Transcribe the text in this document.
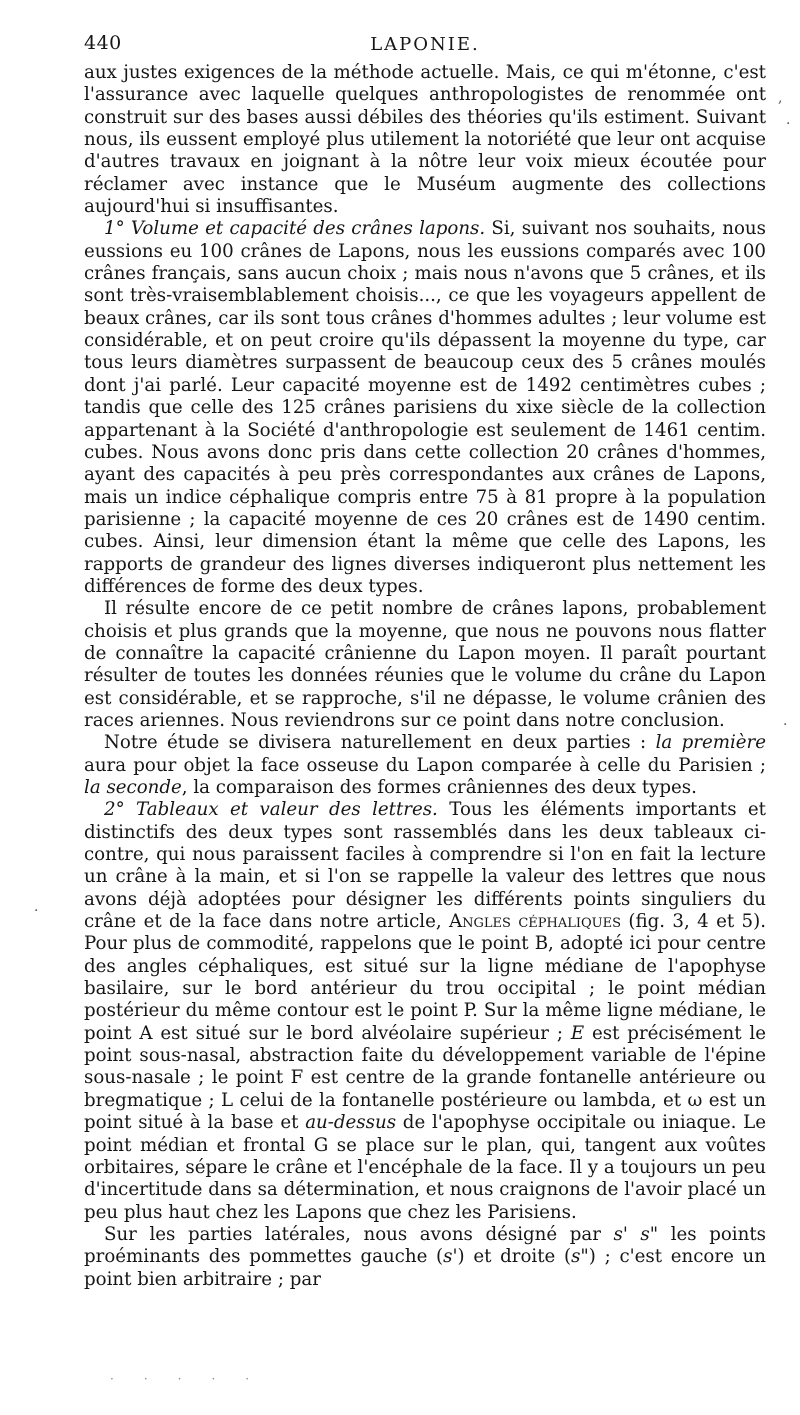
440	LAPONIE.

aux justes exigences de la méthode actuelle. Mais, ce qui m'étonne, c'est l'assurance avec laquelle quelques anthropologistes de renommée ont construit sur des bases aussi débiles des théories qu'ils estiment. Suivant nous, ils eussent employé plus utilement la notoriété que leur ont acquise d'autres travaux en joignant à la nôtre leur voix mieux écoutée pour réclamer avec instance que le Muséum augmente des collections aujourd'hui si insuffisantes.

1° Volume et capacité des crânes lapons. Si, suivant nos souhaits, nous eussions eu 100 crânes de Lapons, nous les eussions comparés avec 100 crânes français, sans aucun choix ; mais nous n'avons que 5 crânes, et ils sont très-vraisemblablement choisis..., ce que les voyageurs appellent de beaux crânes, car ils sont tous crânes d'hommes adultes ; leur volume est considérable, et on peut croire qu'ils dépassent la moyenne du type, car tous leurs diamètres surpassent de beaucoup ceux des 5 crânes moulés dont j'ai parlé. Leur capacité moyenne est de 1492 centimètres cubes ; tandis que celle des 125 crânes parisiens du xixe siècle de la collection appartenant à la Société d'anthropologie est seulement de 1461 centim. cubes. Nous avons donc pris dans cette collection 20 crânes d'hommes, ayant des capacités à peu près correspondantes aux crânes de Lapons, mais un indice céphalique compris entre 75 à 81 propre à la population parisienne ; la capacité moyenne de ces 20 crânes est de 1490 centim. cubes. Ainsi, leur dimension étant la même que celle des Lapons, les rapports de grandeur des lignes diverses indiqueront plus nettement les différences de forme des deux types.

Il résulte encore de ce petit nombre de crânes lapons, probablement choisis et plus grands que la moyenne, que nous ne pouvons nous flatter de connaître la capacité crânienne du Lapon moyen. Il paraît pourtant résulter de toutes les données réunies que le volume du crâne du Lapon est considérable, et se rapproche, s'il ne dépasse, le volume crânien des races ariennes. Nous reviendrons sur ce point dans notre conclusion.

Notre étude se divisera naturellement en deux parties : la première aura pour objet la face osseuse du Lapon comparée à celle du Parisien ; la seconde, la comparaison des formes crâniennes des deux types.

2° Tableaux et valeur des lettres. Tous les éléments importants et distinctifs des deux types sont rassemblés dans les deux tableaux ci-contre, qui nous paraissent faciles à comprendre si l'on en fait la lecture un crâne à la main, et si l'on se rappelle la valeur des lettres que nous avons déjà adoptées pour désigner les différents points singuliers du crâne et de la face dans notre article, Angles céphaliques (fig. 3, 4 et 5). Pour plus de commodité, rappelons que le point B, adopté ici pour centre des angles céphaliques, est situé sur la ligne médiane de l'apophyse basilaire, sur le bord antérieur du trou occipital ; le point médian postérieur du même contour est le point P. Sur la même ligne médiane, le point A est situé sur le bord alvéolaire supérieur ; E est précisément le point sous-nasal, abstraction faite du développement variable de l'épine sous-nasale ; le point F est centre de la grande fontanelle antérieure ou bregmatique ; L celui de la fontanelle postérieure ou lambda, et ω est un point situé à la base et au-dessus de l'apophyse occipitale ou iniaque. Le point médian et frontal G se place sur le plan, qui, tangent aux voûtes orbitaires, sépare le crâne et l'encéphale de la face. Il y a toujours un peu d'incertitude dans sa détermination, et nous craignons de l'avoir placé un peu plus haut chez les Lapons que chez les Parisiens.

Sur les parties latérales, nous avons désigné par s' s" les points proéminants des pommettes gauche (s') et droite (s") ; c'est encore un point bien arbitraire ; par

,
·
·
·
·····
